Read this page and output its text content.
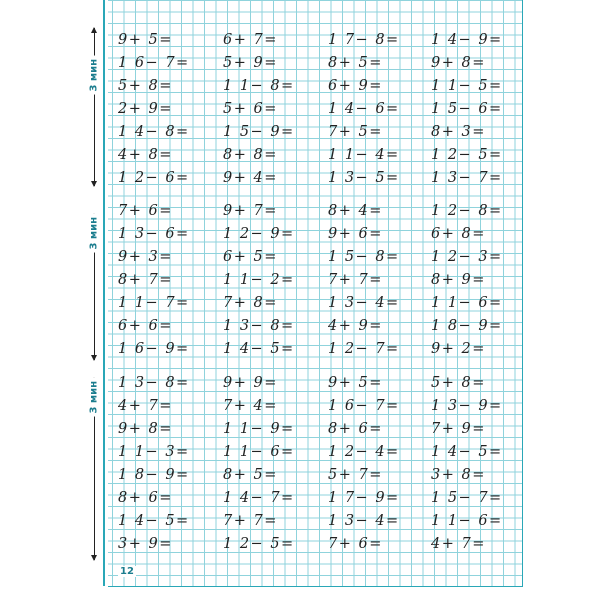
3 мин
3 мин
3 мин
9+ 5=	6+ 7=	1 7− 8= 1 4− 9=
1 6− 7= 5+ 9=	8+ 5=	9+ 8=
5+ 8=	1 1− 8= 6+ 9=	1 1− 5=
2+ 9=	5+ 6=	1 4− 6= 1 5− 6=
1 4− 8= 1 5− 9= 7+ 5=	8+ 3=
4+ 8=	8+ 8=	1 1− 4= 1 2− 5=
1 2− 6= 9+ 4=	1 3− 5= 1 3− 7=
7+ 6=	9+ 7=	8+ 4=	1 2− 8=
1 3− 6= 1 2− 9= 9+ 6=	6+ 8=
9+ 3=	6+ 5=	1 5− 8= 1 2− 3=
8+ 7=	1 1− 2= 7+ 7=	8+ 9=
1 1− 7= 7+ 8=	1 3− 4= 1 1− 6=
6+ 6=	1 3− 8= 4+ 9=	1 8− 9=
1 6− 9= 1 4− 5= 1 2− 7= 9+ 2=
1 3− 8= 9+ 9=	9+ 5=	5+ 8=
4+ 7=	7+ 4=	1 6− 7= 1 3− 9=
9+ 8=	1 1− 9= 8+ 6=	7+ 9=
1 1− 3= 1 1− 6= 1 2− 4= 1 4− 5=
1 8− 9= 8+ 5=	5+ 7=	3+ 8=
8+ 6=	1 4− 7= 1 7− 9= 1 5− 7=
1 4− 5= 7+ 7=	1 3− 4= 1 1− 6=
3+ 9=	1 2− 5= 7+ 6=	4+ 7=
12
